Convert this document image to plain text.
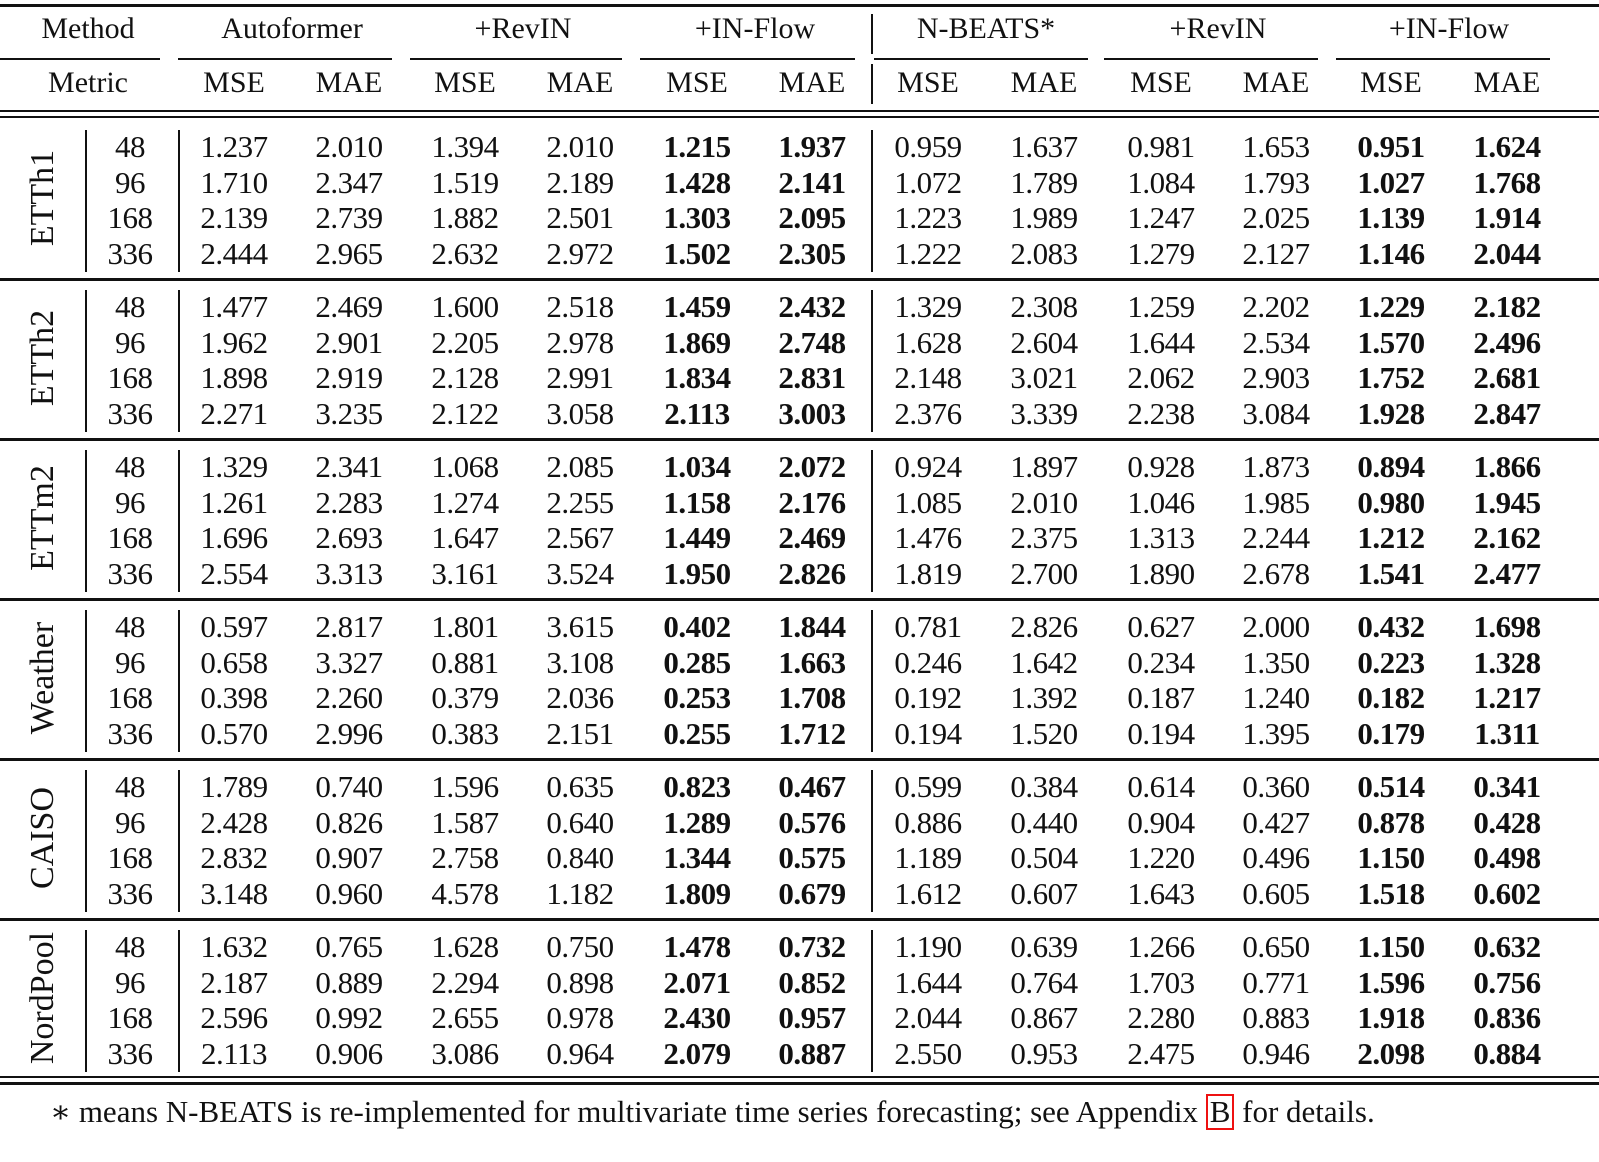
Method	Autoformer	+RevIN	+IN-Flow	N-BEATS*	+RevIN	+IN-Flow
Metric	MSE	MAE	MSE	MAE	MSE	MAE	MSE	MAE	MSE	MAE	MSE	MAE
ETTh1
48	1.237	2.010	1.394	2.010	1.215	1.937	0.959	1.637	0.981	1.653	0.951	1.624
96	1.710	2.347	1.519	2.189	1.428	2.141	1.072	1.789	1.084	1.793	1.027	1.768
168	2.139	2.739	1.882	2.501	1.303	2.095	1.223	1.989	1.247	2.025	1.139	1.914
336	2.444	2.965	2.632	2.972	1.502	2.305	1.222	2.083	1.279	2.127	1.146	2.044
ETTh2
48	1.477	2.469	1.600	2.518	1.459	2.432	1.329	2.308	1.259	2.202	1.229	2.182
96	1.962	2.901	2.205	2.978	1.869	2.748	1.628	2.604	1.644	2.534	1.570	2.496
168	1.898	2.919	2.128	2.991	1.834	2.831	2.148	3.021	2.062	2.903	1.752	2.681
336	2.271	3.235	2.122	3.058	2.113	3.003	2.376	3.339	2.238	3.084	1.928	2.847
ETTm2	48	1.329	2.341	1.068	2.085	1.034	2.072	0.924	1.897	0.928	1.873	0.894	1.866
96	1.261	2.283	1.274	2.255	1.158	2.176	1.085	2.010	1.046	1.985	0.980	1.945
168	1.696	2.693	1.647	2.567	1.449	2.469	1.476	2.375	1.313	2.244	1.212	2.162
336	2.554	3.313	3.161	3.524	1.950	2.826	1.819	2.700	1.890	2.678	1.541	2.477
Weather	48	0.597	2.817	1.801	3.615	0.402	1.844	0.781	2.826	0.627	2.000	0.432	1.698
96	0.658	3.327	0.881	3.108	0.285	1.663	0.246	1.642	0.234	1.350	0.223	1.328
168	0.398	2.260	0.379	2.036	0.253	1.708	0.192	1.392	0.187	1.240	0.182	1.217
336	0.570	2.996	0.383	2.151	0.255	1.712	0.194	1.520	0.194	1.395	0.179	1.311
CAISO
48	1.789	0.740	1.596	0.635	0.823	0.467	0.599	0.384	0.614	0.360	0.514	0.341
96	2.428	0.826	1.587	0.640	1.289	0.576	0.886	0.440	0.904	0.427	0.878	0.428
168	2.832	0.907	2.758	0.840	1.344	0.575	1.189	0.504	1.220	0.496	1.150	0.498
336	3.148	0.960	4.578	1.182	1.809	0.679	1.612	0.607	1.643	0.605	1.518	0.602
NordPool	48	1.632	0.765	1.628	0.750	1.478	0.732	1.190	0.639	1.266	0.650	1.150	0.632
96	2.187	0.889	2.294	0.898	2.071	0.852	1.644	0.764	1.703	0.771	1.596	0.756
168	2.596	0.992	2.655	0.978	2.430	0.957	2.044	0.867	2.280	0.883	1.918	0.836
336	2.113	0.906	3.086	0.964	2.079	0.887	2.550	0.953	2.475	0.946	2.098	0.884
∗ means N-BEATS is re-implemented for multivariate time series forecasting; see Appendix B for details.
